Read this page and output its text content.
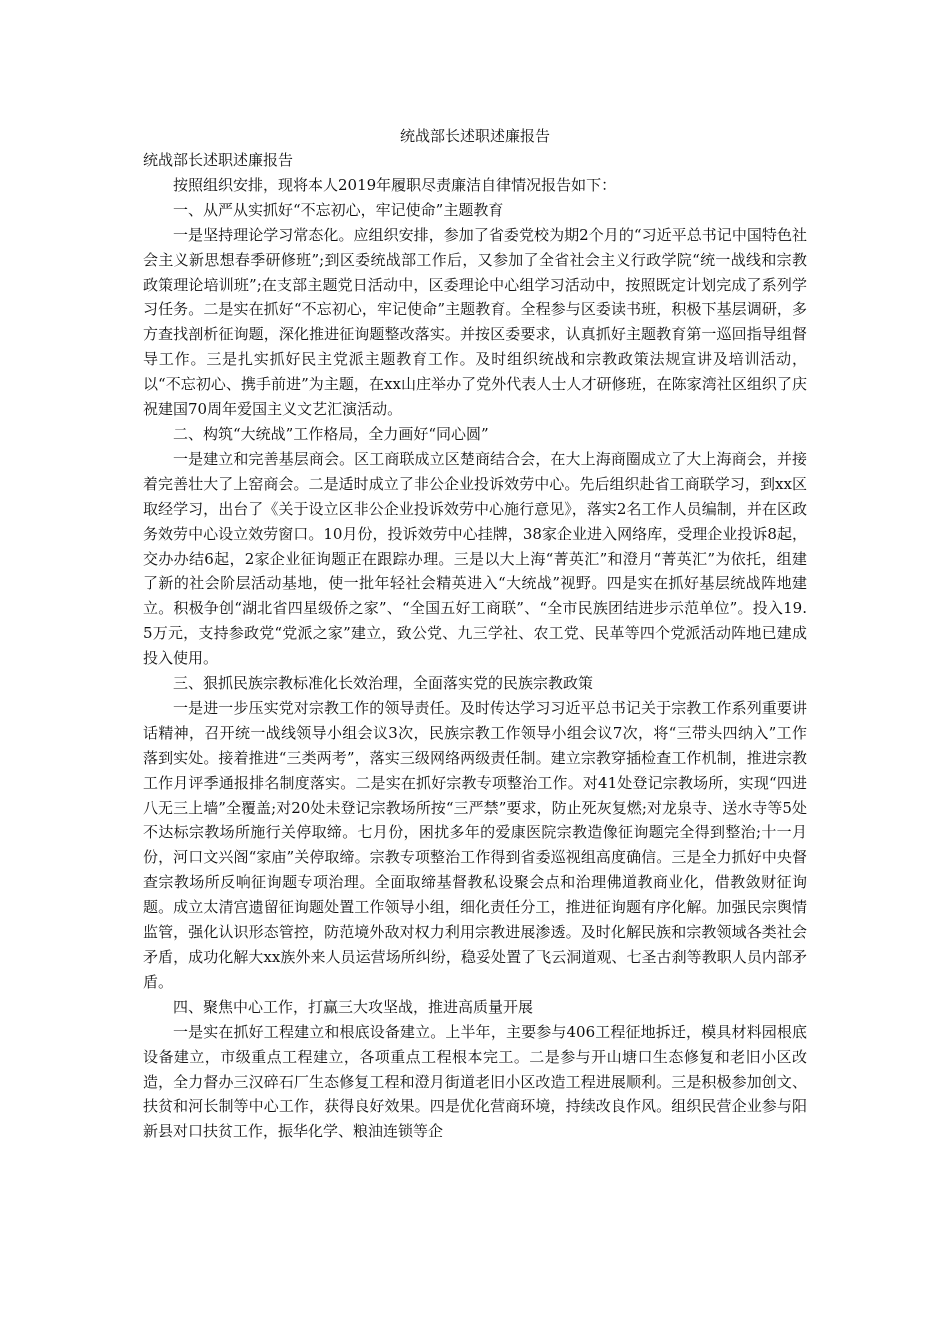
统战部长述职述廉报告

统战部长述职述廉报告

按照组织安排，现将本人2019年履职尽责廉洁自律情况报告如下：

一、从严从实抓好“不忘初心，牢记使命”主题教育

一是坚持理论学习常态化。应组织安排，参加了省委党校为期2个月的“习近平总书记中国特色社会主义新思想春季研修班”;到区委统战部工作后，又参加了全省社会主义行政学院“统一战线和宗教政策理论培训班”;在支部主题党日活动中，区委理论中心组学习活动中，按照既定计划完成了系列学习任务。二是实在抓好“不忘初心，牢记使命”主题教育。全程参与区委读书班，积极下基层调研，多方查找剖析征询题，深化推进征询题整改落实。并按区委要求，认真抓好主题教育第一巡回指导组督导工作。三是扎实抓好民主党派主题教育工作。及时组织统战和宗教政策法规宣讲及培训活动，以“不忘初心、携手前进”为主题，在xx山庄举办了党外代表人士人才研修班，在陈家湾社区组织了庆祝建国70周年爱国主义文艺汇演活动。

二、构筑“大统战”工作格局，全力画好“同心圆”

一是建立和完善基层商会。区工商联成立区楚商结合会，在大上海商圈成立了大上海商会，并接着完善壮大了上窑商会。二是适时成立了非公企业投诉效劳中心。先后组织赴省工商联学习，到xx区取经学习，出台了《关于设立区非公企业投诉效劳中心施行意见》，落实2名工作人员编制，并在区政务效劳中心设立效劳窗口。10月份，投诉效劳中心挂牌，38家企业进入网络库，受理企业投诉8起，交办办结6起，2家企业征询题正在跟踪办理。三是以大上海“菁英汇”和澄月“菁英汇”为依托，组建了新的社会阶层活动基地，使一批年轻社会精英进入“大统战”视野。四是实在抓好基层统战阵地建立。积极争创“湖北省四星级侨之家”、“全国五好工商联”、“全市民族团结进步示范单位”。投入19.5万元，支持参政党“党派之家”建立，致公党、九三学社、农工党、民革等四个党派活动阵地已建成投入使用。

三、狠抓民族宗教标准化长效治理，全面落实党的民族宗教政策

一是进一步压实党对宗教工作的领导责任。及时传达学习习近平总书记关于宗教工作系列重要讲话精神，召开统一战线领导小组会议3次，民族宗教工作领导小组会议7次，将“三带头四纳入”工作落到实处。接着推进“三类两考”，落实三级网络两级责任制。建立宗教穿插检查工作机制，推进宗教工作月评季通报排名制度落实。二是实在抓好宗教专项整治工作。对41处登记宗教场所，实现“四进八无三上墙”全覆盖;对20处未登记宗教场所按“三严禁”要求，防止死灰复燃;对龙泉寺、送水寺等5处不达标宗教场所施行关停取缔。七月份，困扰多年的爱康医院宗教造像征询题完全得到整治;十一月份，河口文兴阁“家庙”关停取缔。宗教专项整治工作得到省委巡视组高度确信。三是全力抓好中央督查宗教场所反响征询题专项治理。全面取缔基督教私设聚会点和治理佛道教商业化，借教敛财征询题。成立太清宫遗留征询题处置工作领导小组，细化责任分工，推进征询题有序化解。加强民宗舆情监管，强化认识形态管控，防范境外敌对权力利用宗教进展渗透。及时化解民族和宗教领域各类社会矛盾，成功化解大xx族外来人员运营场所纠纷，稳妥处置了飞云洞道观、七圣古刹等教职人员内部矛盾。

四、聚焦中心工作，打赢三大攻坚战，推进高质量开展

一是实在抓好工程建立和根底设备建立。上半年，主要参与406工程征地拆迁，模具材料园根底设备建立，市级重点工程建立，各项重点工程根本完工。二是参与开山塘口生态修复和老旧小区改造，全力督办三汉碎石厂生态修复工程和澄月街道老旧小区改造工程进展顺利。三是积极参加创文、扶贫和河长制等中心工作，获得良好效果。四是优化营商环境，持续改良作风。组织民营企业参与阳新县对口扶贫工作，振华化学、粮油连锁等企
